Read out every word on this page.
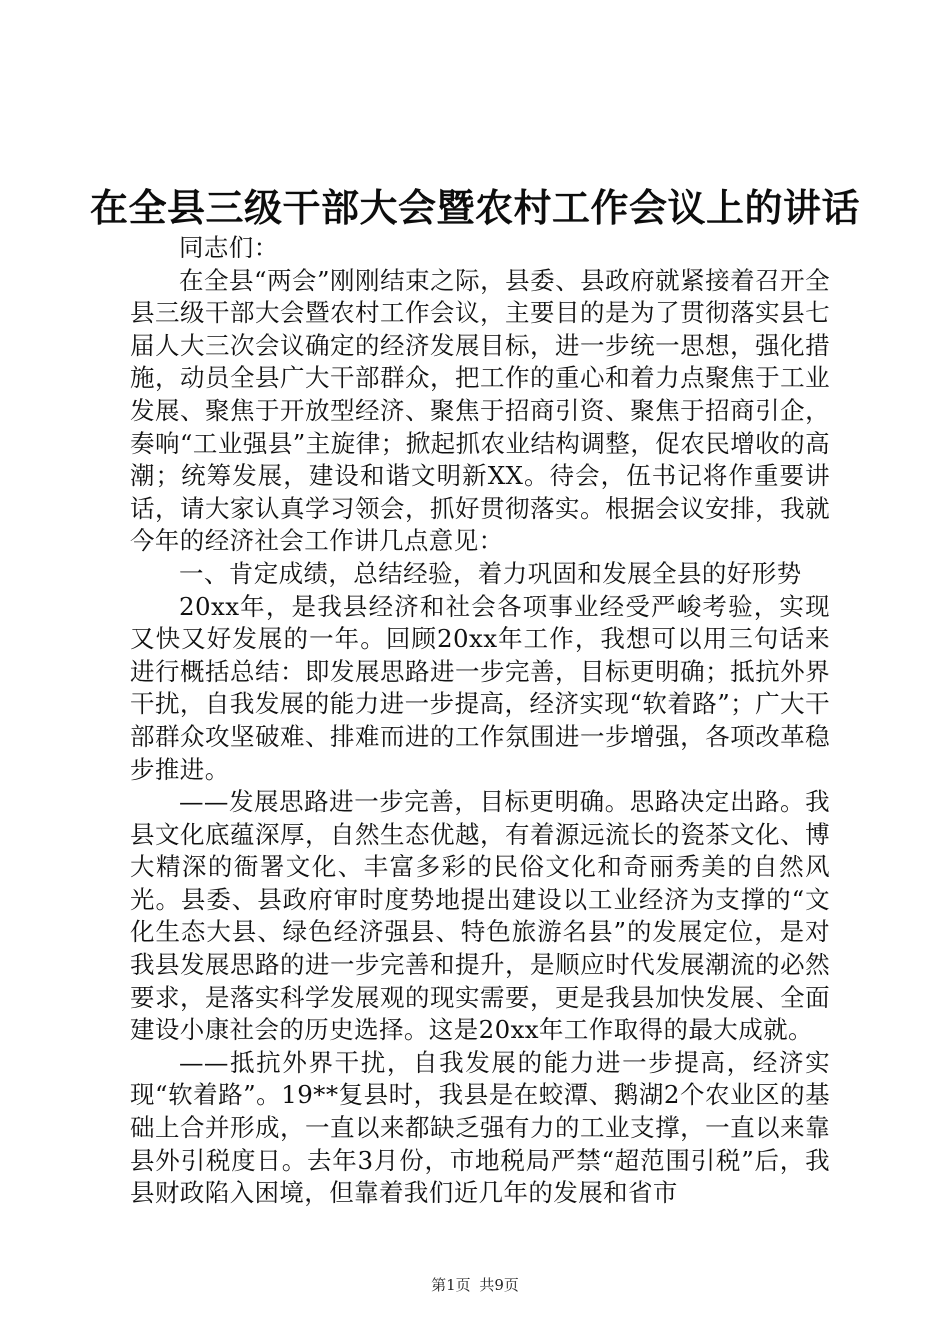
在全县三级干部大会暨农村工作会议上的讲话

同志们：

在全县“两会”刚刚结束之际，县委、县政府就紧接着召开全县三级干部大会暨农村工作会议，主要目的是为了贯彻落实县七届人大三次会议确定的经济发展目标，进一步统一思想，强化措施，动员全县广大干部群众，把工作的重心和着力点聚焦于工业发展、聚焦于开放型经济、聚焦于招商引资、聚焦于招商引企，奏响“工业强县”主旋律；掀起抓农业结构调整，促农民增收的高潮；统筹发展，建设和谐文明新XX。待会，伍书记将作重要讲话，请大家认真学习领会，抓好贯彻落实。根据会议安排，我就今年的经济社会工作讲几点意见：

一、肯定成绩，总结经验，着力巩固和发展全县的好形势

20xx年，是我县经济和社会各项事业经受严峻考验，实现又快又好发展的一年。回顾20xx年工作，我想可以用三句话来进行概括总结：即发展思路进一步完善，目标更明确；抵抗外界干扰，自我发展的能力进一步提高，经济实现“软着路”；广大干部群众攻坚破难、排难而进的工作氛围进一步增强，各项改革稳步推进。

——发展思路进一步完善，目标更明确。思路决定出路。我县文化底蕴深厚，自然生态优越，有着源远流长的瓷茶文化、博大精深的衙署文化、丰富多彩的民俗文化和奇丽秀美的自然风光。县委、县政府审时度势地提出建设以工业经济为支撑的“文化生态大县、绿色经济强县、特色旅游名县”的发展定位，是对我县发展思路的进一步完善和提升，是顺应时代发展潮流的必然要求，是落实科学发展观的现实需要，更是我县加快发展、全面建设小康社会的历史选择。这是20xx年工作取得的最大成就。

——抵抗外界干扰，自我发展的能力进一步提高，经济实现“软着路”。19**复县时，我县是在蛟潭、鹅湖2个农业区的基础上合并形成，一直以来都缺乏强有力的工业支撑，一直以来靠县外引税度日。去年3月份，市地税局严禁“超范围引税”后，我县财政陷入困境，但靠着我们近几年的发展和省市

第1页 共9页
